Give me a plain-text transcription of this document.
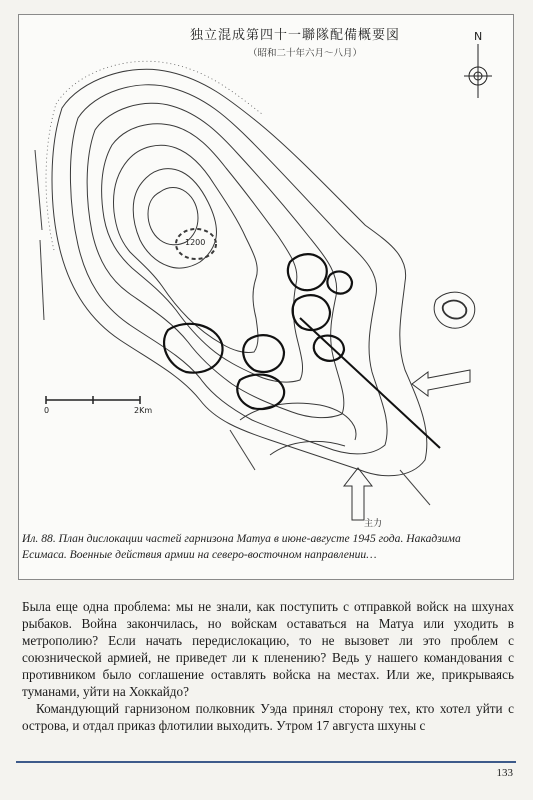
独立混成第四十一聯隊配備概要図
（昭和二十年六月～八月）
N
0	2Km
1200
主力
Ил. 88. План дислокации частей гарнизона Матуа в июне-августе 1945 года. Накадзима Есимаса. Военные действия армии на северо-восточном направлении…

Была еще одна проблема: мы не знали, как поступить с отправкой войск на шхунах рыбаков. Война закончилась, но войскам оставаться на Матуа или уходить в метрополию? Если начать передислокацию, то не вызовет ли это проблем с союзнической армией, не приведет ли к пленению? Ведь у нашего командования с противником было соглашение оставлять войска на местах. Или же, прикрываясь туманами, уйти на Хоккайдо?

Командующий гарнизоном полковник Уэда принял сторону тех, кто хотел уйти с острова, и отдал приказ флотилии выходить. Утром 17 августа шхуны с

133
